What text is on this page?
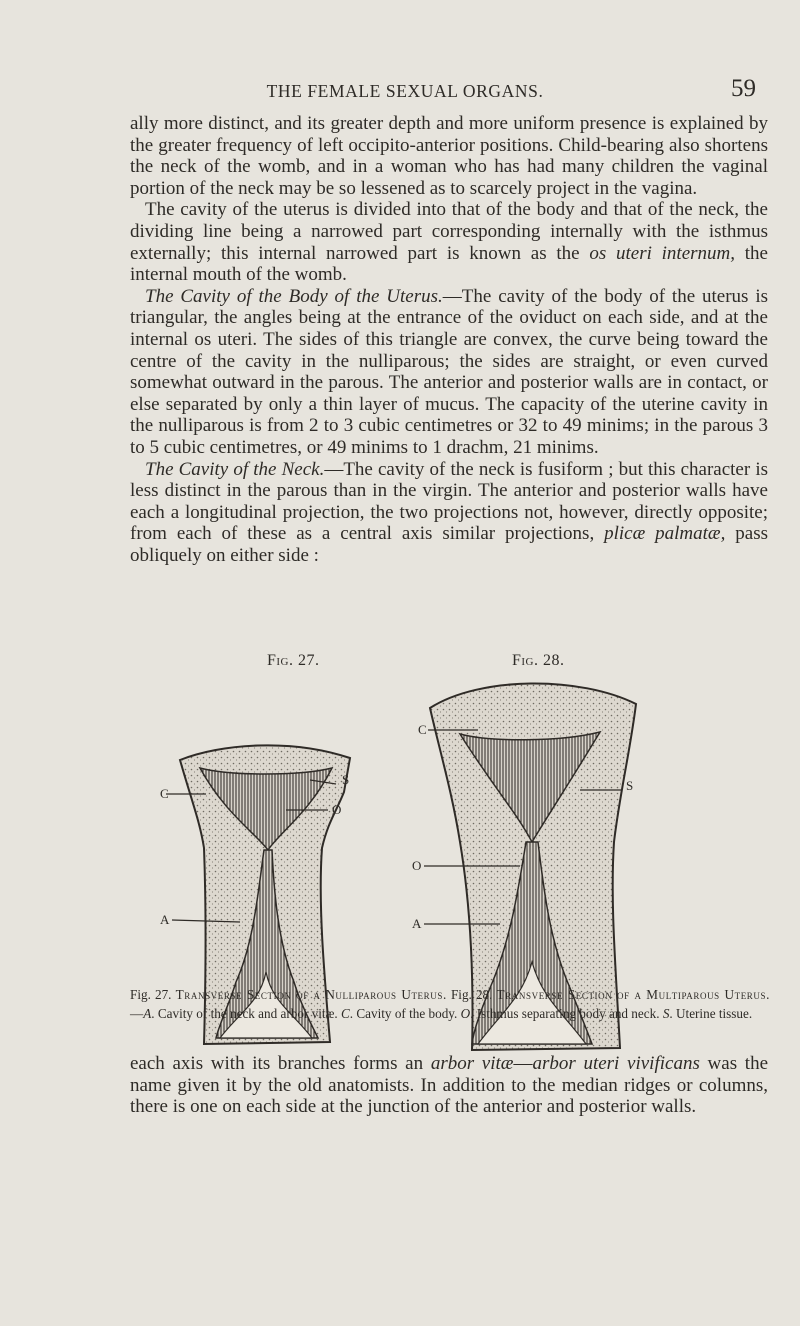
THE FEMALE SEXUAL ORGANS.	59

ally more distinct, and its greater depth and more uniform presence is explained by the greater frequency of left occipito-anterior positions. Child-bearing also shortens the neck of the womb, and in a woman who has had many children the vaginal portion of the neck may be so lessened as to scarcely project in the vagina.

The cavity of the uterus is divided into that of the body and that of the neck, the dividing line being a narrowed part corresponding internally with the isthmus externally; this internal narrowed part is known as the os uteri internum, the internal mouth of the womb.

The Cavity of the Body of the Uterus.—The cavity of the body of the uterus is triangular, the angles being at the entrance of the oviduct on each side, and at the internal os uteri. The sides of this triangle are convex, the curve being toward the centre of the cavity in the nulliparous; the sides are straight, or even curved somewhat outward in the parous. The anterior and posterior walls are in contact, or else separated by only a thin layer of mucus. The capacity of the uterine cavity in the nulliparous is from 2 to 3 cubic centimetres or 32 to 49 minims; in the parous 3 to 5 cubic centimetres, or 49 minims to 1 drachm, 21 minims.

The Cavity of the Neck.—The cavity of the neck is fusiform ; but this character is less distinct in the parous than in the virgin. The anterior and posterior walls have each a longitudinal projection, the two projections not, however, directly opposite; from each of these as a central axis similar projections, plicæ palmatæ, pass obliquely on either side :

Fig. 27.	Fig. 28.
C
S
O
A
C
S
O
A
Fig. 27. Transverse Section of a Nulliparous Uterus. Fig. 28. Transverse Section of a Multiparous Uterus.—A. Cavity of the neck and arbor vitæ. C. Cavity of the body. O. Isthmus separating body and neck. S. Uterine tissue.

each axis with its branches forms an arbor vitæ—arbor uteri vivificans was the name given it by the old anatomists. In addition to the median ridges or columns, there is one on each side at the junction of the anterior and posterior walls.
